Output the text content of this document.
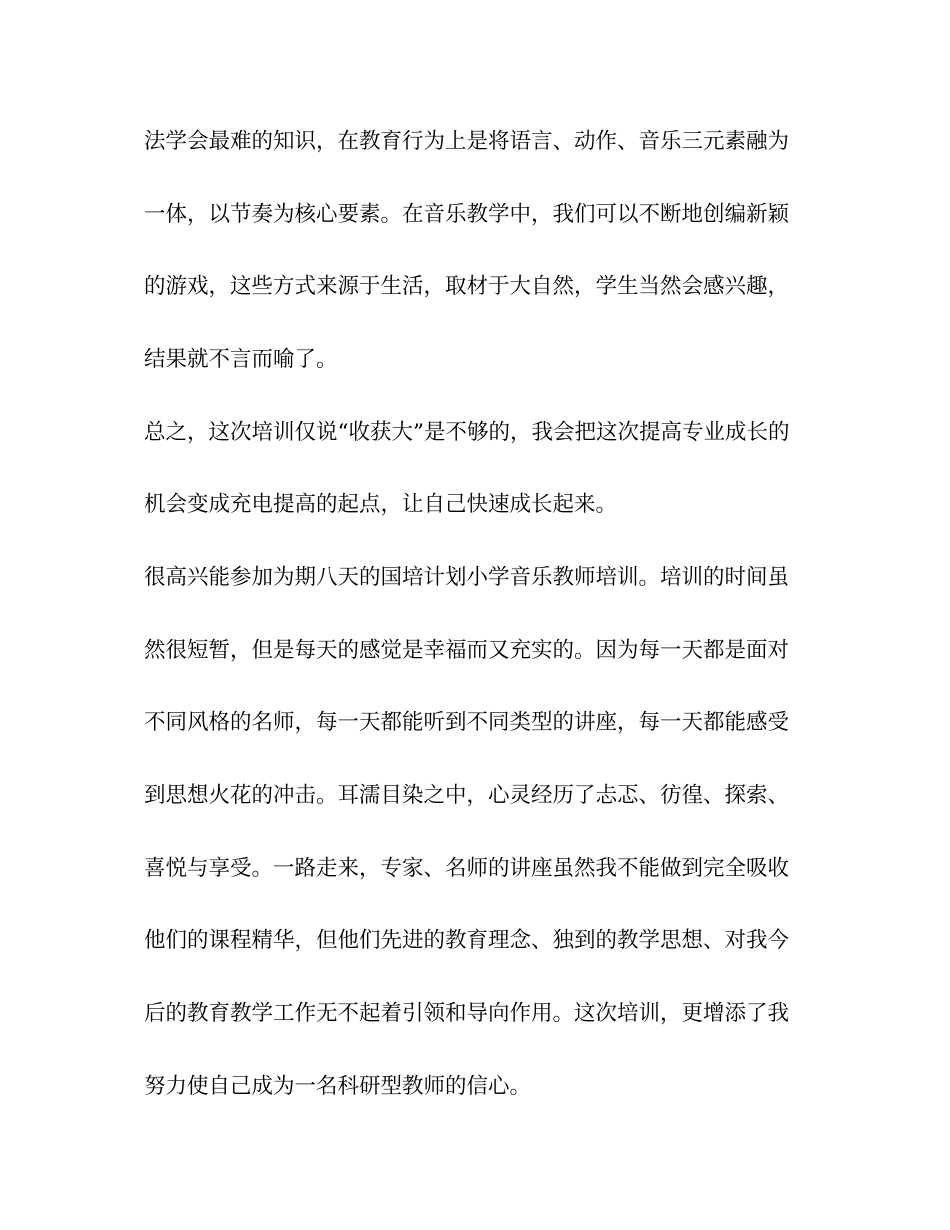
法学会最难的知识，在教育行为上是将语言、动作、音乐三元素融为

一体，以节奏为核心要素。在音乐教学中，我们可以不断地创编新颖

的游戏，这些方式来源于生活，取材于大自然，学生当然会感兴趣，

结果就不言而喻了。

总之，这次培训仅说“收获大”是不够的，我会把这次提高专业成长的

机会变成充电提高的起点，让自己快速成长起来。

很高兴能参加为期八天的国培计划小学音乐教师培训。培训的时间虽

然很短暂，但是每天的感觉是幸福而又充实的。因为每一天都是面对

不同风格的名师，每一天都能听到不同类型的讲座，每一天都能感受

到思想火花的冲击。耳濡目染之中，心灵经历了忐忑、彷徨、探索、

喜悦与享受。一路走来，专家、名师的讲座虽然我不能做到完全吸收

他们的课程精华，但他们先进的教育理念、独到的教学思想、对我今

后的教育教学工作无不起着引领和导向作用。这次培训，更增添了我

努力使自己成为一名科研型教师的信心。
